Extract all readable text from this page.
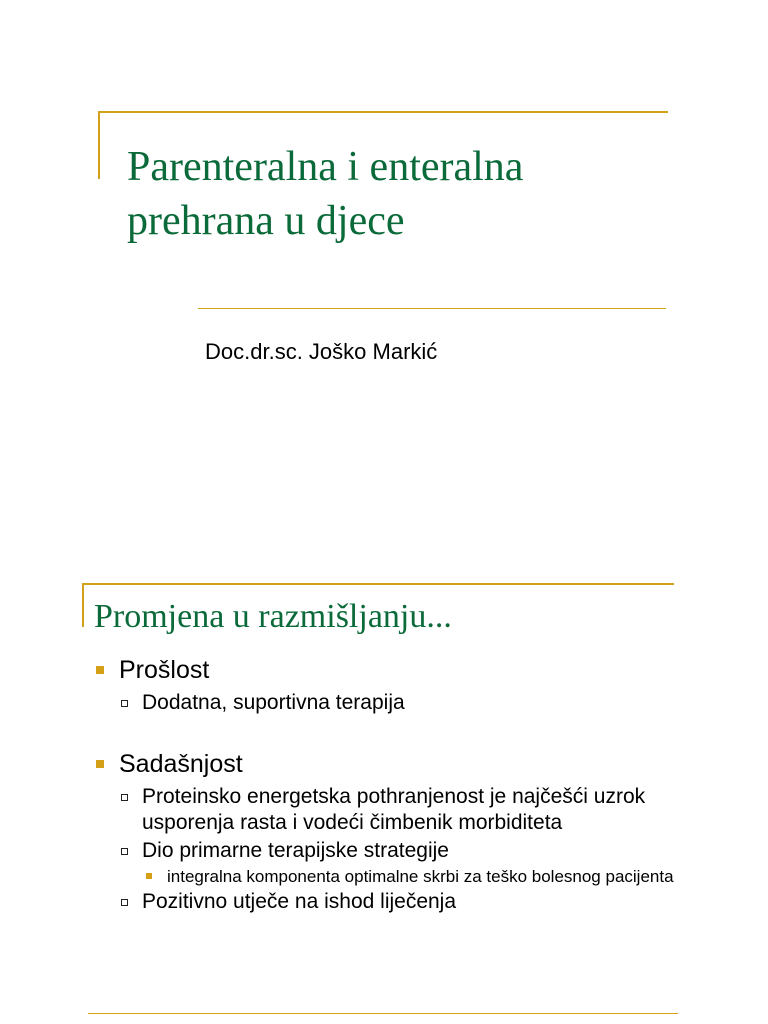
Parenteralna i enteralna
prehrana u djece
Doc.dr.sc. Joško Markić
Promjena u razmišljanju...
Prošlost
Dodatna, suportivna terapija
Sadašnjost
Proteinsko energetska pothranjenost je najčešći uzrok usporenja rasta i vodeći čimbenik morbiditeta
Dio primarne terapijske strategije
integralna komponenta optimalne skrbi za teško bolesnog pacijenta
Pozitivno utječe na ishod liječenja
